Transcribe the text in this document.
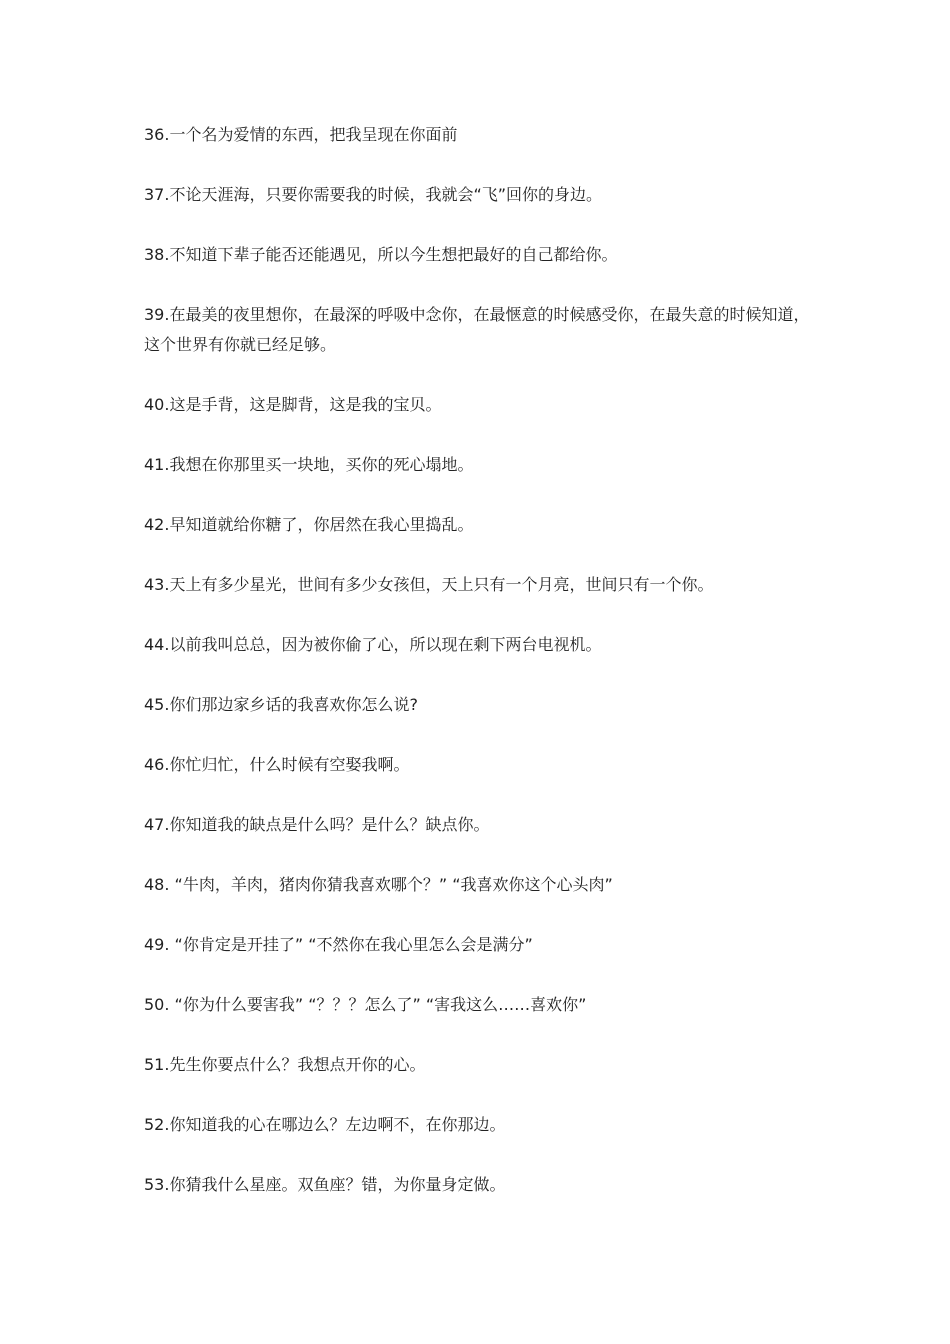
36.一个名为爱情的东西，把我呈现在你面前

37.不论天涯海，只要你需要我的时候，我就会“飞”回你的身边。

38.不知道下辈子能否还能遇见，所以今生想把最好的自己都给你。

39.在最美的夜里想你，在最深的呼吸中念你，在最惬意的时候感受你，在最失意的时候知道，这个世界有你就已经足够。

40.这是手背，这是脚背，这是我的宝贝。

41.我想在你那里买一块地，买你的死心塌地。

42.早知道就给你糖了，你居然在我心里捣乱。

43.天上有多少星光，世间有多少女孩但，天上只有一个月亮，世间只有一个你。

44.以前我叫总总，因为被你偷了心，所以现在剩下两台电视机。

45.你们那边家乡话的我喜欢你怎么说?

46.你忙归忙，什么时候有空娶我啊。

47.你知道我的缺点是什么吗？是什么？缺点你。

48. “牛肉，羊肉，猪肉你猜我喜欢哪个？” “我喜欢你这个心头肉”

49. “你肯定是开挂了” “不然你在我心里怎么会是满分”

50. “你为什么要害我” “？？？怎么了” “害我这么……喜欢你”

51.先生你要点什么？我想点开你的心。

52.你知道我的心在哪边么？左边啊不，在你那边。

53.你猜我什么星座。双鱼座？错，为你量身定做。
